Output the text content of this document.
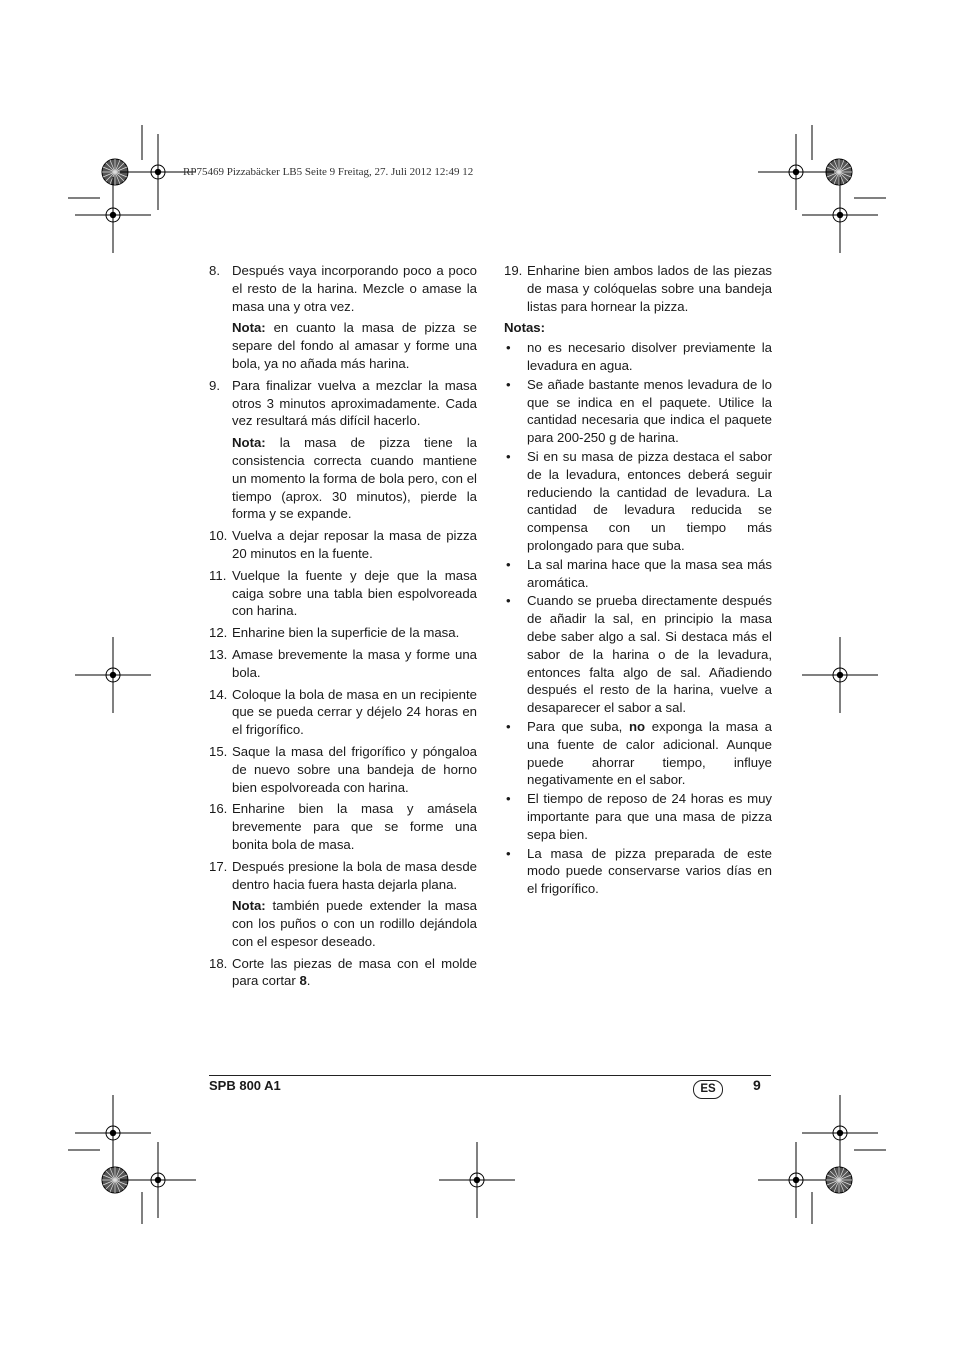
RP75469 Pizzabäcker LB5 Seite 9 Freitag, 27. Juli 2012 12:49 12
8. Después vaya incorporando poco a poco el resto de la harina. Mezcle o amase la masa una y otra vez.
Nota: en cuanto la masa de pizza se separe del fondo al amasar y forme una bola, ya no añada más harina.
9. Para finalizar vuelva a mezclar la masa otros 3 minutos aproximadamente. Cada vez resultará más difícil hacerlo.
Nota: la masa de pizza tiene la consistencia correcta cuando mantiene un momento la forma de bola pero, con el tiempo (aprox. 30 minutos), pierde la forma y se expande.
10. Vuelva a dejar reposar la masa de pizza 20 minutos en la fuente.
11. Vuelque la fuente y deje que la masa caiga sobre una tabla bien espolvoreada con harina.
12. Enharine bien la superficie de la masa.
13. Amase brevemente la masa y forme una bola.
14. Coloque la bola de masa en un recipiente que se pueda cerrar y déjelo 24 horas en el frigorífico.
15. Saque la masa del frigorífico y póngaloa de nuevo sobre una bandeja de horno bien espolvoreada con harina.
16. Enharine bien la masa y amásela brevemente para que se forme una bonita bola de masa.
17. Después presione la bola de masa desde dentro hacia fuera hasta dejarla plana.
Nota: también puede extender la masa con los puños o con un rodillo dejándola con el espesor deseado.
18. Corte las piezas de masa con el molde para cortar 8.
19. Enharine bien ambos lados de las piezas de masa y colóquelas sobre una bandeja listas para hornear la pizza.
Notas:
•	no es necesario disolver previamente la levadura en agua.
•	Se añade bastante menos levadura de lo que se indica en el paquete. Utilice la cantidad necesaria que indica el paquete para 200-250 g de harina.
•	Si en su masa de pizza destaca el sabor de la levadura, entonces deberá seguir reduciendo la cantidad de levadura. La cantidad de levadura reducida se compensa con un tiempo más prolongado para que suba.
•	La sal marina hace que la masa sea más aromática.
•	Cuando se prueba directamente después de añadir la sal, en principio la masa debe saber algo a sal. Si destaca más el sabor de la harina o de la levadura, entonces falta algo de sal. Añadiendo después el resto de la harina, vuelve a desaparecer el sabor a sal.
•	Para que suba, no exponga la masa a una fuente de calor adicional. Aunque puede ahorrar tiempo, influye negativamente en el sabor.
•	El tiempo de reposo de 24 horas es muy importante para que una masa de pizza sepa bien.
•	La masa de pizza preparada de este modo puede conservarse varios días en el frigorífico.
SPB 800 A1	ES	9
